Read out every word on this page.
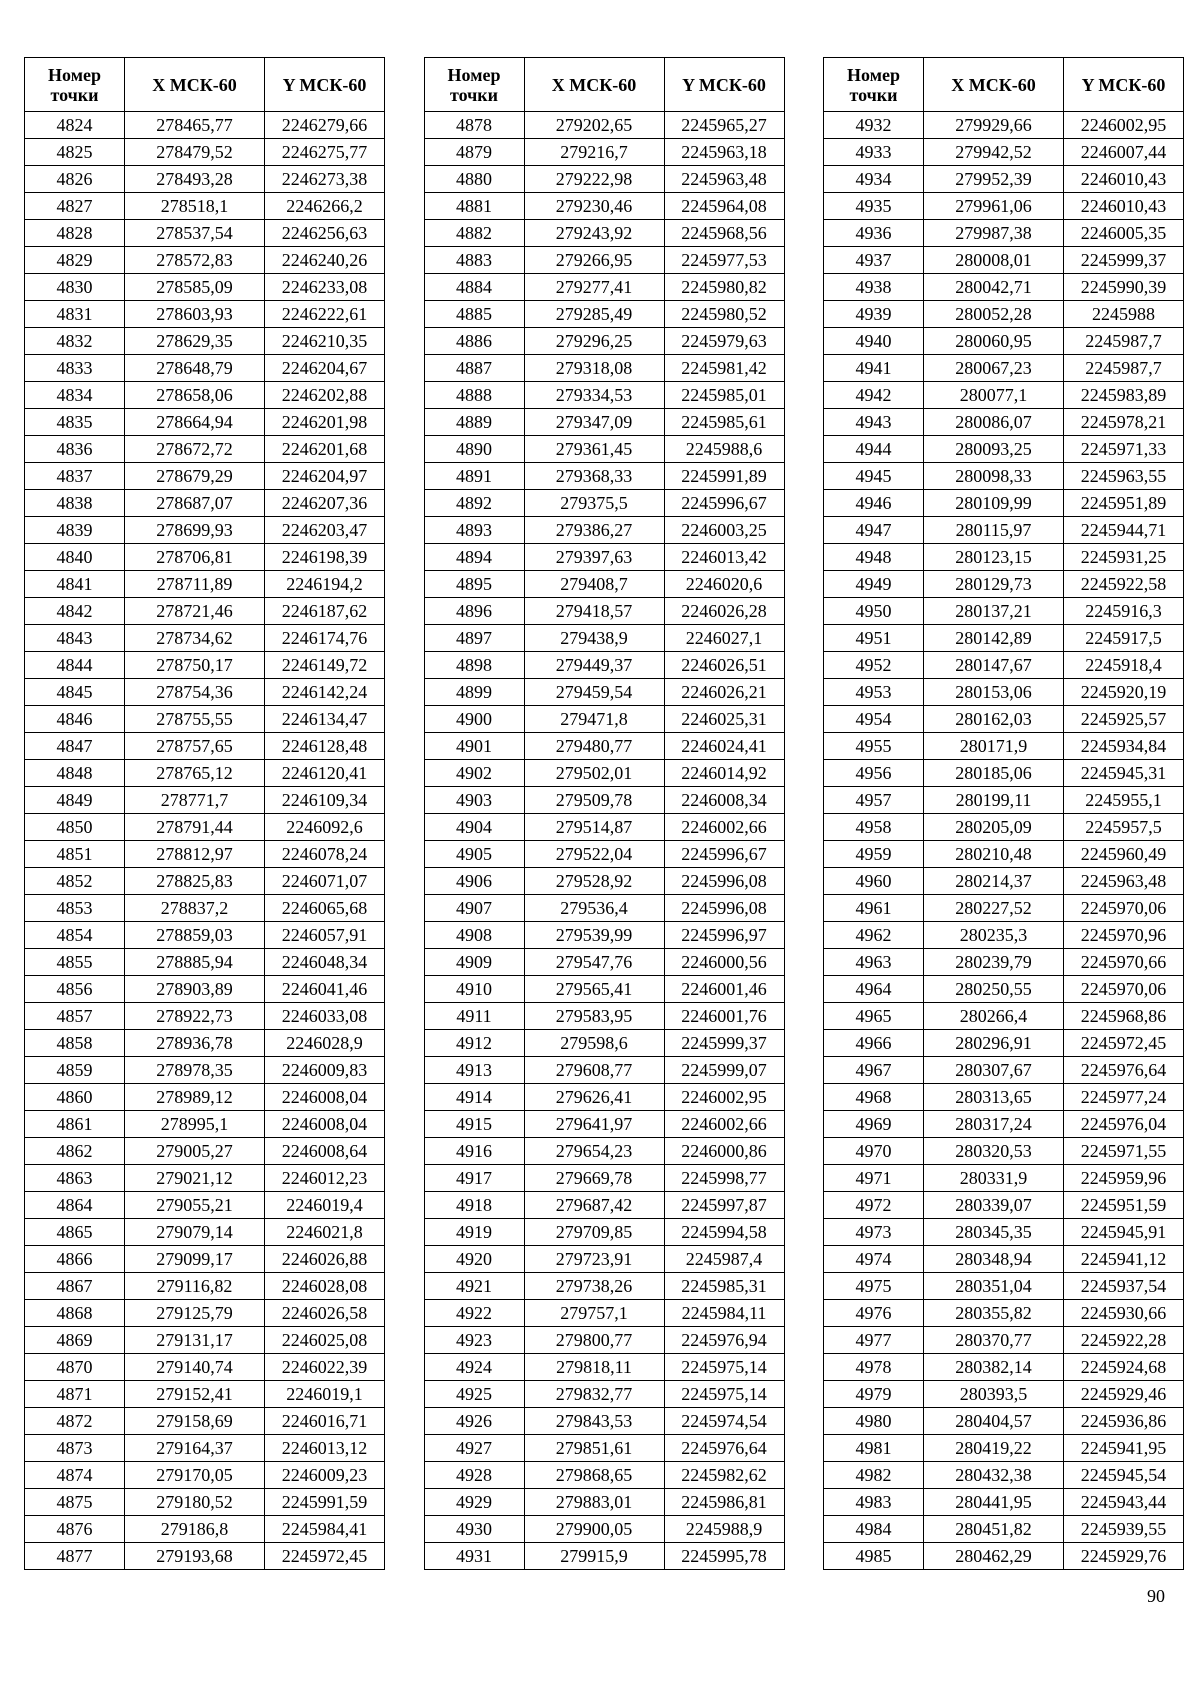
Номер точки	X МСК-60	Y МСК-60
4824	278465,77	2246279,66
4825	278479,52	2246275,77
4826	278493,28	2246273,38
4827	278518,1	2246266,2
4828	278537,54	2246256,63
4829	278572,83	2246240,26
4830	278585,09	2246233,08
4831	278603,93	2246222,61
4832	278629,35	2246210,35
4833	278648,79	2246204,67
4834	278658,06	2246202,88
4835	278664,94	2246201,98
4836	278672,72	2246201,68
4837	278679,29	2246204,97
4838	278687,07	2246207,36
4839	278699,93	2246203,47
4840	278706,81	2246198,39
4841	278711,89	2246194,2
4842	278721,46	2246187,62
4843	278734,62	2246174,76
4844	278750,17	2246149,72
4845	278754,36	2246142,24
4846	278755,55	2246134,47
4847	278757,65	2246128,48
4848	278765,12	2246120,41
4849	278771,7	2246109,34
4850	278791,44	2246092,6
4851	278812,97	2246078,24
4852	278825,83	2246071,07
4853	278837,2	2246065,68
4854	278859,03	2246057,91
4855	278885,94	2246048,34
4856	278903,89	2246041,46
4857	278922,73	2246033,08
4858	278936,78	2246028,9
4859	278978,35	2246009,83
4860	278989,12	2246008,04
4861	278995,1	2246008,04
4862	279005,27	2246008,64
4863	279021,12	2246012,23
4864	279055,21	2246019,4
4865	279079,14	2246021,8
4866	279099,17	2246026,88
4867	279116,82	2246028,08
4868	279125,79	2246026,58
4869	279131,17	2246025,08
4870	279140,74	2246022,39
4871	279152,41	2246019,1
4872	279158,69	2246016,71
4873	279164,37	2246013,12
4874	279170,05	2246009,23
4875	279180,52	2245991,59
4876	279186,8	2245984,41
4877	279193,68	2245972,45
Номер точки	X МСК-60	Y МСК-60
4878	279202,65	2245965,27
4879	279216,7	2245963,18
4880	279222,98	2245963,48
4881	279230,46	2245964,08
4882	279243,92	2245968,56
4883	279266,95	2245977,53
4884	279277,41	2245980,82
4885	279285,49	2245980,52
4886	279296,25	2245979,63
4887	279318,08	2245981,42
4888	279334,53	2245985,01
4889	279347,09	2245985,61
4890	279361,45	2245988,6
4891	279368,33	2245991,89
4892	279375,5	2245996,67
4893	279386,27	2246003,25
4894	279397,63	2246013,42
4895	279408,7	2246020,6
4896	279418,57	2246026,28
4897	279438,9	2246027,1
4898	279449,37	2246026,51
4899	279459,54	2246026,21
4900	279471,8	2246025,31
4901	279480,77	2246024,41
4902	279502,01	2246014,92
4903	279509,78	2246008,34
4904	279514,87	2246002,66
4905	279522,04	2245996,67
4906	279528,92	2245996,08
4907	279536,4	2245996,08
4908	279539,99	2245996,97
4909	279547,76	2246000,56
4910	279565,41	2246001,46
4911	279583,95	2246001,76
4912	279598,6	2245999,37
4913	279608,77	2245999,07
4914	279626,41	2246002,95
4915	279641,97	2246002,66
4916	279654,23	2246000,86
4917	279669,78	2245998,77
4918	279687,42	2245997,87
4919	279709,85	2245994,58
4920	279723,91	2245987,4
4921	279738,26	2245985,31
4922	279757,1	2245984,11
4923	279800,77	2245976,94
4924	279818,11	2245975,14
4925	279832,77	2245975,14
4926	279843,53	2245974,54
4927	279851,61	2245976,64
4928	279868,65	2245982,62
4929	279883,01	2245986,81
4930	279900,05	2245988,9
4931	279915,9	2245995,78
Номер точки	X МСК-60	Y МСК-60
4932	279929,66	2246002,95
4933	279942,52	2246007,44
4934	279952,39	2246010,43
4935	279961,06	2246010,43
4936	279987,38	2246005,35
4937	280008,01	2245999,37
4938	280042,71	2245990,39
4939	280052,28	2245988
4940	280060,95	2245987,7
4941	280067,23	2245987,7
4942	280077,1	2245983,89
4943	280086,07	2245978,21
4944	280093,25	2245971,33
4945	280098,33	2245963,55
4946	280109,99	2245951,89
4947	280115,97	2245944,71
4948	280123,15	2245931,25
4949	280129,73	2245922,58
4950	280137,21	2245916,3
4951	280142,89	2245917,5
4952	280147,67	2245918,4
4953	280153,06	2245920,19
4954	280162,03	2245925,57
4955	280171,9	2245934,84
4956	280185,06	2245945,31
4957	280199,11	2245955,1
4958	280205,09	2245957,5
4959	280210,48	2245960,49
4960	280214,37	2245963,48
4961	280227,52	2245970,06
4962	280235,3	2245970,96
4963	280239,79	2245970,66
4964	280250,55	2245970,06
4965	280266,4	2245968,86
4966	280296,91	2245972,45
4967	280307,67	2245976,64
4968	280313,65	2245977,24
4969	280317,24	2245976,04
4970	280320,53	2245971,55
4971	280331,9	2245959,96
4972	280339,07	2245951,59
4973	280345,35	2245945,91
4974	280348,94	2245941,12
4975	280351,04	2245937,54
4976	280355,82	2245930,66
4977	280370,77	2245922,28
4978	280382,14	2245924,68
4979	280393,5	2245929,46
4980	280404,57	2245936,86
4981	280419,22	2245941,95
4982	280432,38	2245945,54
4983	280441,95	2245943,44
4984	280451,82	2245939,55
4985	280462,29	2245929,76
90
